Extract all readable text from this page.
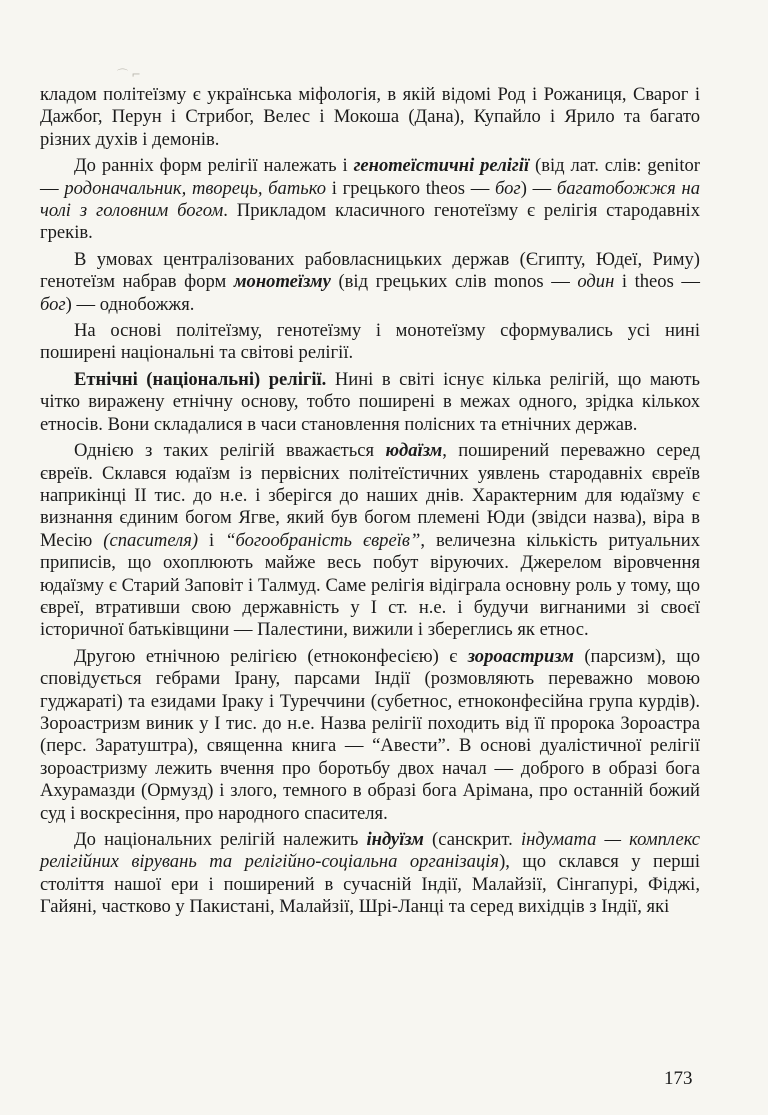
⌒ ⌐

кладом політеїзму є українська міфологія, в якій відомі Род і Рожаниця, Сварог і Дажбог, Перун і Стрибог, Велес і Мокоша (Дана), Купайло і Ярило та багато різних духів і демонів.

До ранніх форм релігії належать і генотеїстичні релігії (від лат. слів: genitor — родоначальник, творець, батько і грецького theos — бог) — багатобожжя на чолі з головним богом. Прикладом класичного генотеїзму є релігія стародавніх греків.

В умовах централізованих рабовласницьких держав (Єгипту, Юдеї, Риму) генотеїзм набрав форм монотеїзму (від грецьких слів monos — один і theos — бог) — однобожжя.

На основі політеїзму, генотеїзму і монотеїзму сформувались усі нині поширені національні та світові релігії.

Етнічні (національні) релігії. Нині в світі існує кілька релігій, що мають чітко виражену етнічну основу, тобто поширені в межах одного, зрідка кількох етносів. Вони складалися в часи становлення полісних та етнічних держав.

Однією з таких релігій вважається юдаїзм, поширений переважно серед євреїв. Склався юдаїзм із первісних політеїстичних уявлень стародавніх євреїв наприкінці II тис. до н.е. і зберігся до наших днів. Характерним для юдаїзму є визнання єдиним богом Ягве, який був богом племені Юди (звідси назва), віра в Месію (спасителя) і “богообраність євреїв”, величезна кількість ритуальних приписів, що охоплюють майже весь побут віруючих. Джерелом віровчення юдаїзму є Старий Заповіт і Талмуд. Саме релігія відіграла основну роль у тому, що євреї, втративши свою державність у I ст. н.е. і будучи вигнаними зі своєї історичної батьківщини — Палестини, вижили і збереглись як етнос.

Другою етнічною релігією (етноконфесією) є зороастризм (парсизм), що сповідується гебрами Ірану, парсами Індії (розмовляють переважно мовою гуджараті) та езидами Іраку і Туреччини (субетнос, етноконфесійна група курдів). Зороастризм виник у I тис. до н.е. Назва релігії походить від її пророка Зороастра (перс. Заратуштра), священна книга — “Авести”. В основі дуалістичної релігії зороастризму лежить вчення про боротьбу двох начал — доброго в образі бога Ахурамазди (Ормузд) і злого, темного в образі бога Арімана, про останній божий суд і воскресіння, про народного спасителя.

До національних релігій належить індуїзм (санскрит. індумата — комплекс релігійних вірувань та релігійно-соціальна організація), що склався у перші століття нашої ери і поширений в сучасній Індії, Малайзії, Сінгапурі, Фіджі, Гайяні, частково у Пакистані, Малайзії, Шрі-Ланці та серед вихідців з Індії, які

173
